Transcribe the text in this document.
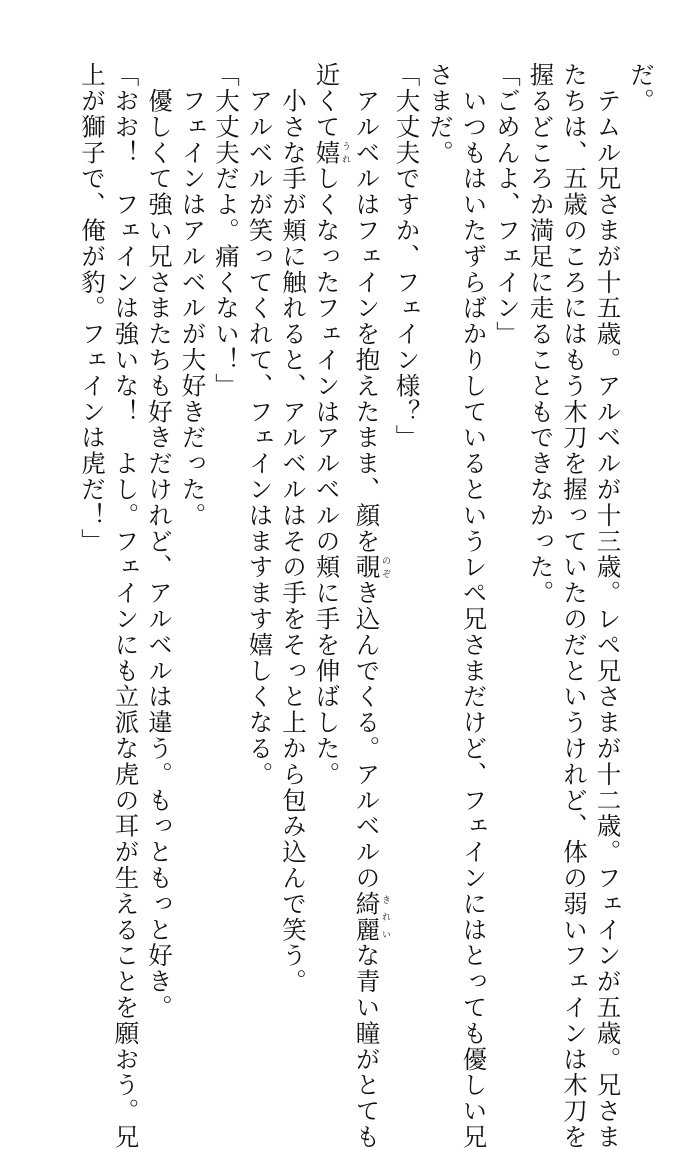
だ。
　テムル兄さまが十五歳。アルベルが十三歳。レペ兄さまが十二歳。フェインが五歳。兄さま
たちは、五歳のころにはもう木刀を握っていたのだというけれど、体の弱いフェインは木刀を
握るどころか満足に走ることもできなかった。
「ごめんよ、フェイン」
　いつもはいたずらばかりしているというレペ兄さまだけど、フェインにはとっても優しい兄
さまだ。
「大丈夫ですか、フェイン様？」
　アルベルはフェインを抱えたまま、顔を覗のぞき込んでくる。アルベルの綺麗きれいな青い瞳がとても
近くて嬉うれしくなったフェインはアルベルの頬に手を伸ばした。
　小さな手が頬に触れると、アルベルはその手をそっと上から包み込んで笑う。
　アルベルが笑ってくれて、フェインはますます嬉しくなる。
「大丈夫だよ。痛くない！」
　フェインはアルベルが大好きだった。
　優しくて強い兄さまたちも好きだけれど、アルベルは違う。もっともっと好き。
「おお！　フェインは強いな！　よし。フェインにも立派な虎の耳が生えることを願おう。兄
上が獅子で、俺が豹。フェインは虎だ！」
